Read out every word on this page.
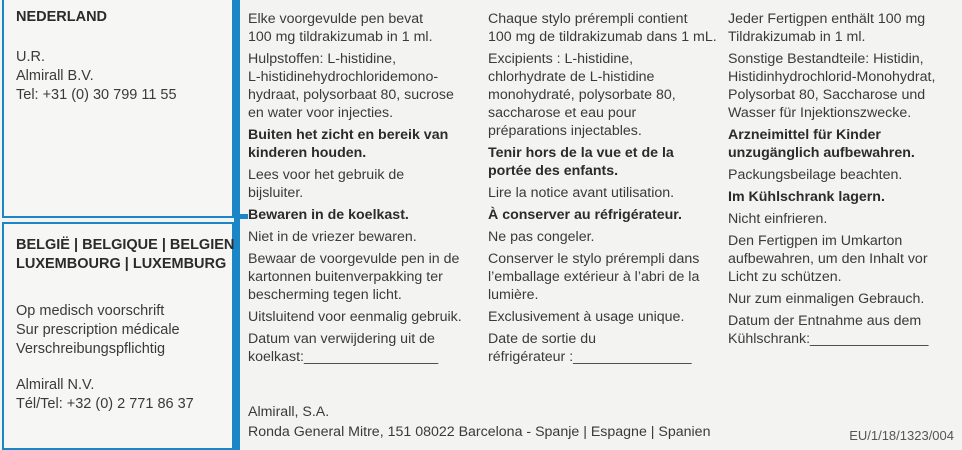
NEDERLAND
U.R.
Almirall B.V.
Tel: +31 (0) 30 799 11 55
BELGIË | BELGIQUE | BELGIEN
LUXEMBOURG | LUXEMBURG
Op medisch voorschrift
Sur prescription médicale
Verschreibungspflichtig
Almirall N.V.
Tél/Tel: +32 (0) 2 771 86 37

Elke voorgevulde pen bevat
100 mg tildrakizumab in 1 ml.

Hulpstoffen: L-histidine,
L-histidinehydrochloridemono-
hydraat, polysorbaat 80, sucrose
en water voor injecties.

Buiten het zicht en bereik van
kinderen houden.

Lees voor het gebruik de
bijsluiter.

Bewaren in de koelkast.

Niet in de vriezer bewaren.

Bewaar de voorgevulde pen in de
kartonnen buitenverpakking ter
bescherming tegen licht.

Uitsluitend voor eenmalig gebruik.

Datum van verwijdering uit de
koelkast:_________________

Chaque stylo prérempli contient
100 mg de tildrakizumab dans 1 mL.

Excipients : L-histidine,
chlorhydrate de L-histidine
monohydraté, polysorbate 80,
saccharose et eau pour
préparations injectables.

Tenir hors de la vue et de la
portée des enfants.

Lire la notice avant utilisation.

À conserver au réfrigérateur.

Ne pas congeler.

Conserver le stylo prérempli dans
l’emballage extérieur à l’abri de la
lumière.

Exclusivement à usage unique.

Date de sortie du
réfrigérateur :_______________

Jeder Fertigpen enthält 100 mg
Tildrakizumab in 1 ml.

Sonstige Bestandteile: Histidin,
Histidinhydrochlorid-Monohydrat,
Polysorbat 80, Saccharose und
Wasser für Injektionszwecke.

Arzneimittel für Kinder
unzugänglich aufbewahren.

Packungsbeilage beachten.

Im Kühlschrank lagern.

Nicht einfrieren.

Den Fertigpen im Umkarton
aufbewahren, um den Inhalt vor
Licht zu schützen.

Nur zum einmaligen Gebrauch.

Datum der Entnahme aus dem
Kühlschrank:_______________

Almirall, S.A.
Ronda General Mitre, 151 08022 Barcelona - Spanje | Espagne | Spanien	EU/1/18/1323/004
